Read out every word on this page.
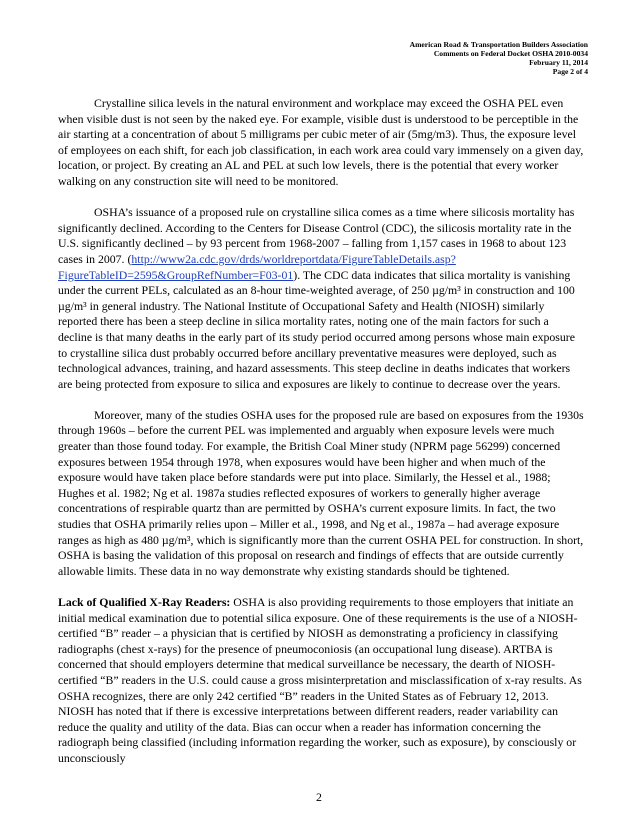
American Road & Transportation Builders Association
Comments on Federal Docket OSHA 2010-0034
February 11, 2014
Page 2 of 4

Crystalline silica levels in the natural environment and workplace may exceed the OSHA PEL even when visible dust is not seen by the naked eye. For example, visible dust is understood to be perceptible in the air starting at a concentration of about 5 milligrams per cubic meter of air (5mg/m3). Thus, the exposure level of employees on each shift, for each job classification, in each work area could vary immensely on a given day, location, or project. By creating an AL and PEL at such low levels, there is the potential that every worker walking on any construction site will need to be monitored.

OSHA’s issuance of a proposed rule on crystalline silica comes as a time where silicosis mortality has significantly declined. According to the Centers for Disease Control (CDC), the silicosis mortality rate in the U.S. significantly declined – by 93 percent from 1968-2007 – falling from 1,157 cases in 1968 to about 123 cases in 2007. (http://www2a.cdc.gov/drds/worldreportdata/FigureTableDetails.asp?FigureTableID=2595&GroupRefNumber=F03-01). The CDC data indicates that silica mortality is vanishing under the current PELs, calculated as an 8-hour time-weighted average, of 250 µg/m³ in construction and 100 µg/m³ in general industry. The National Institute of Occupational Safety and Health (NIOSH) similarly reported there has been a steep decline in silica mortality rates, noting one of the main factors for such a decline is that many deaths in the early part of its study period occurred among persons whose main exposure to crystalline silica dust probably occurred before ancillary preventative measures were deployed, such as technological advances, training, and hazard assessments. This steep decline in deaths indicates that workers are being protected from exposure to silica and exposures are likely to continue to decrease over the years.

Moreover, many of the studies OSHA uses for the proposed rule are based on exposures from the 1930s through 1960s – before the current PEL was implemented and arguably when exposure levels were much greater than those found today. For example, the British Coal Miner study (NPRM page 56299) concerned exposures between 1954 through 1978, when exposures would have been higher and when much of the exposure would have taken place before standards were put into place. Similarly, the Hessel et al., 1988; Hughes et al. 1982; Ng et al. 1987a studies reflected exposures of workers to generally higher average concentrations of respirable quartz than are permitted by OSHA’s current exposure limits. In fact, the two studies that OSHA primarily relies upon – Miller et al., 1998, and Ng et al., 1987a – had average exposure ranges as high as 480 µg/m³, which is significantly more than the current OSHA PEL for construction. In short, OSHA is basing the validation of this proposal on research and findings of effects that are outside currently allowable limits. These data in no way demonstrate why existing standards should be tightened.

Lack of Qualified X-Ray Readers: OSHA is also providing requirements to those employers that initiate an initial medical examination due to potential silica exposure. One of these requirements is the use of a NIOSH-certified “B” reader – a physician that is certified by NIOSH as demonstrating a proficiency in classifying radiographs (chest x-rays) for the presence of pneumoconiosis (an occupational lung disease). ARTBA is concerned that should employers determine that medical surveillance be necessary, the dearth of NIOSH-certified “B” readers in the U.S. could cause a gross misinterpretation and misclassification of x-ray results. As OSHA recognizes, there are only 242 certified “B” readers in the United States as of February 12, 2013. NIOSH has noted that if there is excessive interpretations between different readers, reader variability can reduce the quality and utility of the data. Bias can occur when a reader has information concerning the radiograph being classified (including information regarding the worker, such as exposure), by consciously or unconsciously

2
